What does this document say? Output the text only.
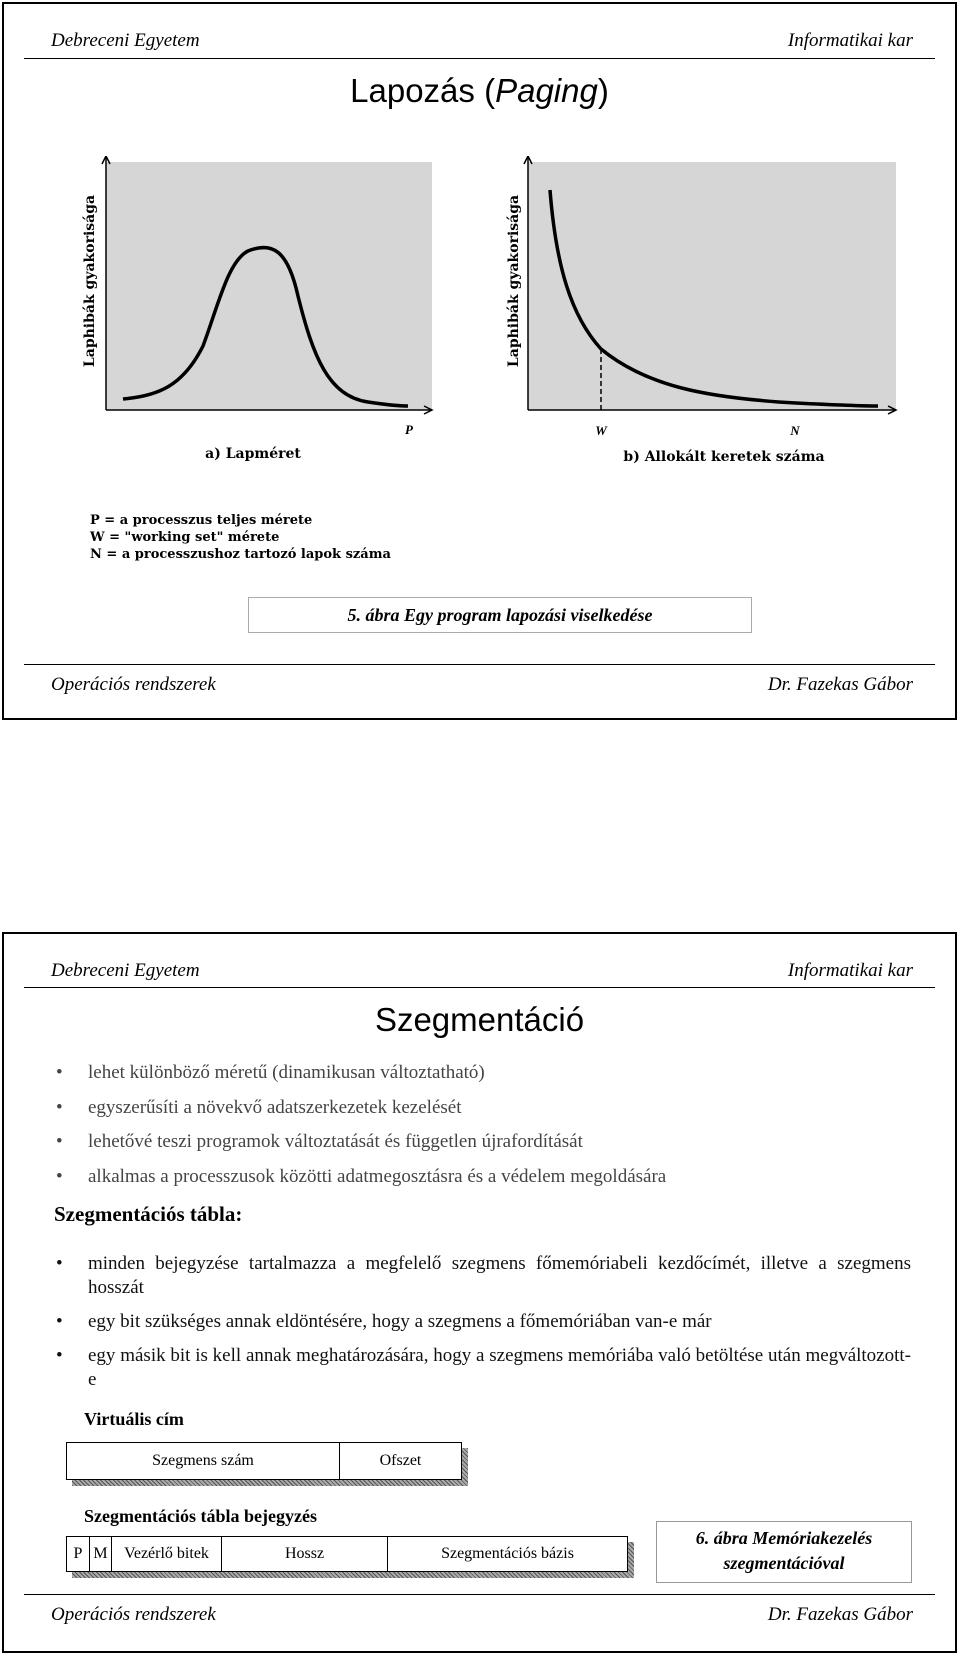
Debreceni Egyetem	Informatikai kar
Lapozás (Paging)
P
a) Lapméret
Laphibák gyakorisága
W	N
b) Allokált keretek száma
Laphibák gyakorisága
P = a processzus teljes mérete
W = "working set" mérete
N = a processzushoz tartozó lapok száma
5. ábra Egy program lapozási viselkedése
Operációs rendszerek	Dr. Fazekas Gábor
Debreceni Egyetem	Informatikai kar
Szegmentáció
• lehet különböző méretű (dinamikusan változtatható)
• egyszerűsíti a növekvő adatszerkezetek kezelését
• lehetővé teszi programok változtatását és független újrafordítását
• alkalmas a processzusok közötti adatmegosztásra és a védelem megoldására
Szegmentációs tábla:
• minden bejegyzése tartalmazza a megfelelő szegmens főmemóriabeli kezdőcímét, illetve a szegmens hosszát
• egy bit szükséges annak eldöntésére, hogy a szegmens a főmemóriában van-e már
• egy másik bit is kell annak meghatározására, hogy a szegmens memóriába való betöltése után megváltozott-e
Virtuális cím
Szegmens szám	Ofszet
Szegmentációs tábla bejegyzés
P M	Vezérlő bitek	Hossz	Szegmentációs bázis
6. ábra Memóriakezelés
szegmentációval
Operációs rendszerek	Dr. Fazekas Gábor
